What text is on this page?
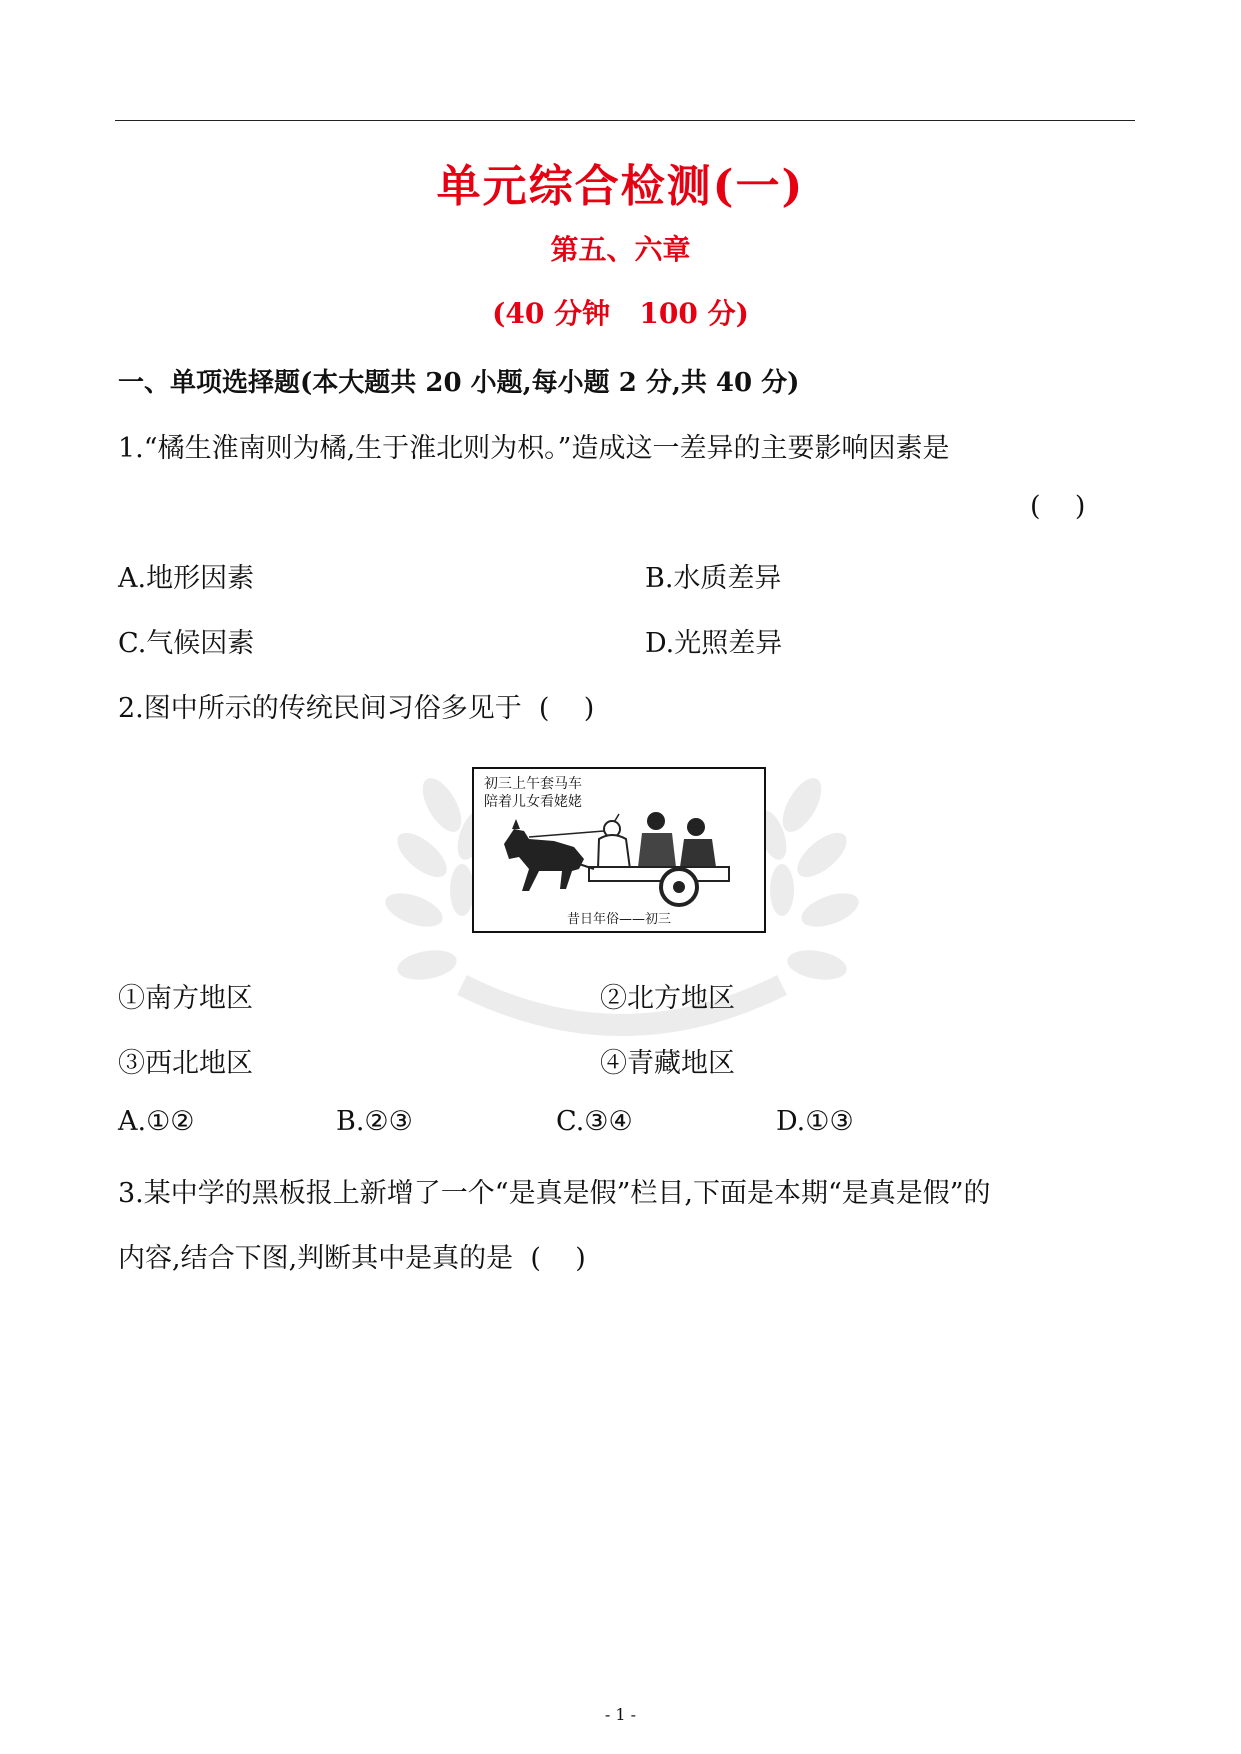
单元综合检测(一)
第五、六章
(40 分钟   100 分)
一、单项选择题(本大题共 20 小题,每小题 2 分,共 40 分)
1.“橘生淮南则为橘,生于淮北则为枳。”造成这一差异的主要影响因素是
(    )
A.地形因素	B.水质差异
C.气候因素	D.光照差异
2.图中所示的传统民间习俗多见于  (    )
初三上午套马车
陪着儿女看姥姥
昔日年俗——初三
①南方地区	②北方地区
③西北地区	④青藏地区
A.①②	B.②③	C.③④	D.①③
3.某中学的黑板报上新增了一个“是真是假”栏目,下面是本期“是真是假”的
内容,结合下图,判断其中是真的是  (    )
- 1 -
